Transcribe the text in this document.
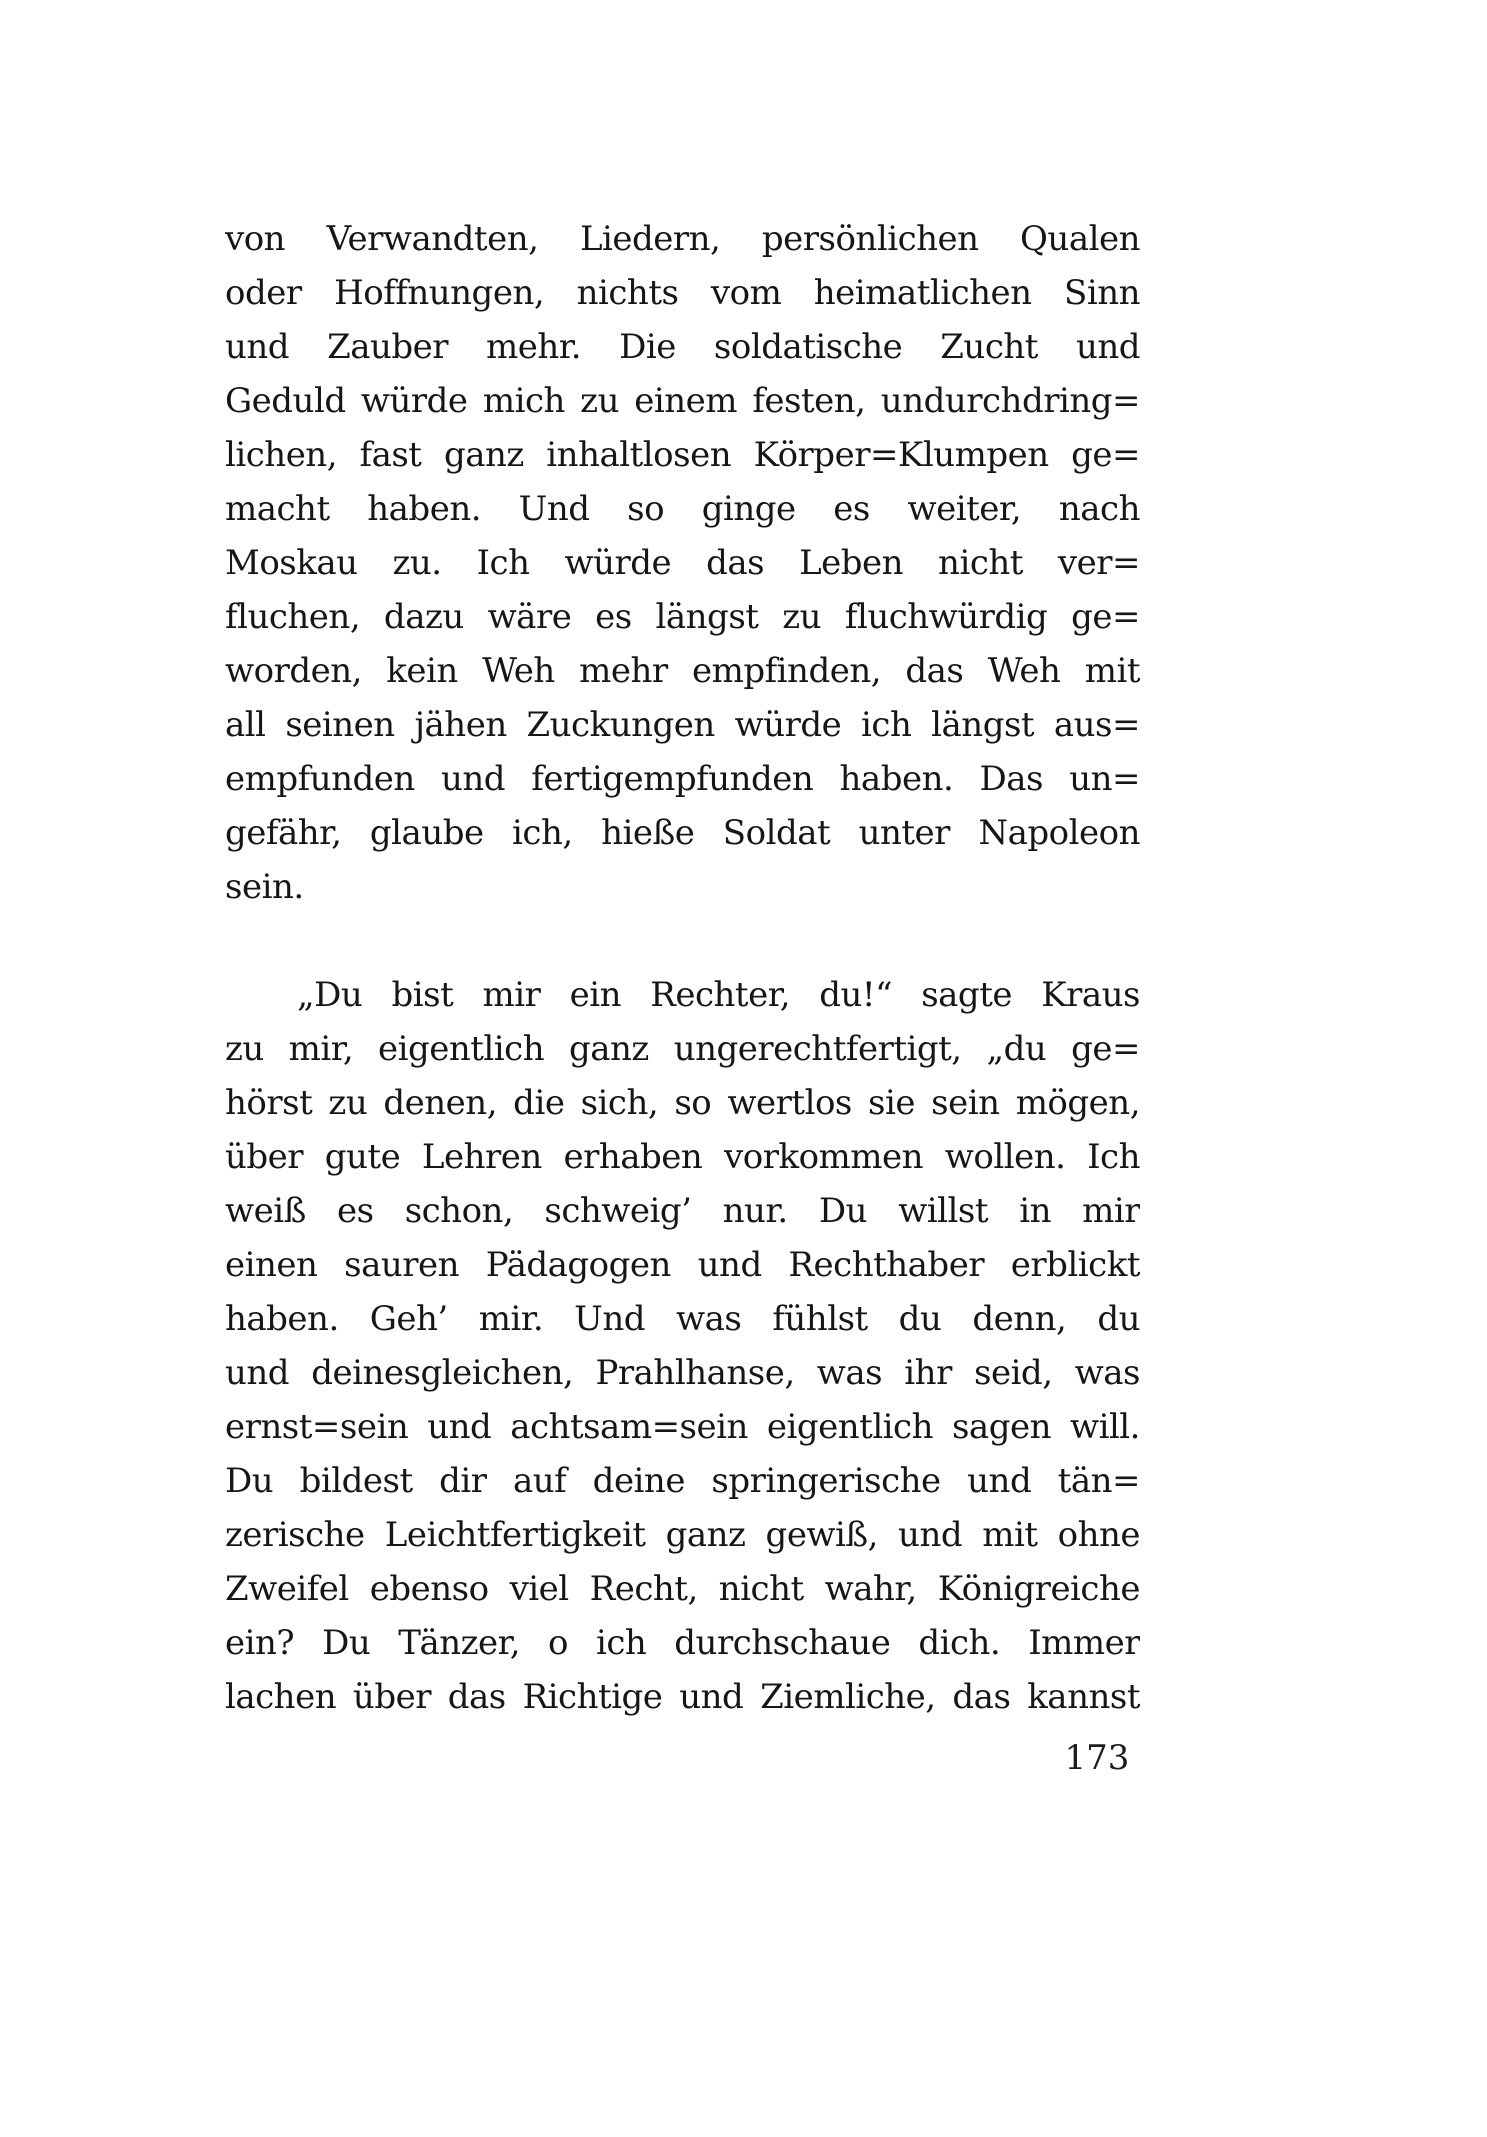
von Verwandten, Liedern, persönlichen Qualen
oder Hoffnungen, nichts vom heimatlichen Sinn
und Zauber mehr. Die soldatische Zucht und
Geduld würde mich zu einem festen, undurchdring=
lichen, fast ganz inhaltlosen Körper=Klumpen ge=
macht haben. Und so ginge es weiter, nach
Moskau zu. Ich würde das Leben nicht ver=
fluchen, dazu wäre es längst zu fluchwürdig ge=
worden, kein Weh mehr empfinden, das Weh mit
all seinen jähen Zuckungen würde ich längst aus=
empfunden und fertigempfunden haben. Das un=
gefähr, glaube ich, hieße Soldat unter Napoleon
sein.
„Du bist mir ein Rechter, du!“ sagte Kraus
zu mir, eigentlich ganz ungerechtfertigt, „du ge=
hörst zu denen, die sich, so wertlos sie sein mögen,
über gute Lehren erhaben vorkommen wollen. Ich
weiß es schon, schweig’ nur. Du willst in mir
einen sauren Pädagogen und Rechthaber erblickt
haben. Geh’ mir. Und was fühlst du denn, du
und deinesgleichen, Prahlhanse, was ihr seid, was
ernst=sein und achtsam=sein eigentlich sagen will.
Du bildest dir auf deine springerische und tän=
zerische Leichtfertigkeit ganz gewiß, und mit ohne
Zweifel ebenso viel Recht, nicht wahr, Königreiche
ein? Du Tänzer, o ich durchschaue dich. Immer
lachen über das Richtige und Ziemliche, das kannst
173
